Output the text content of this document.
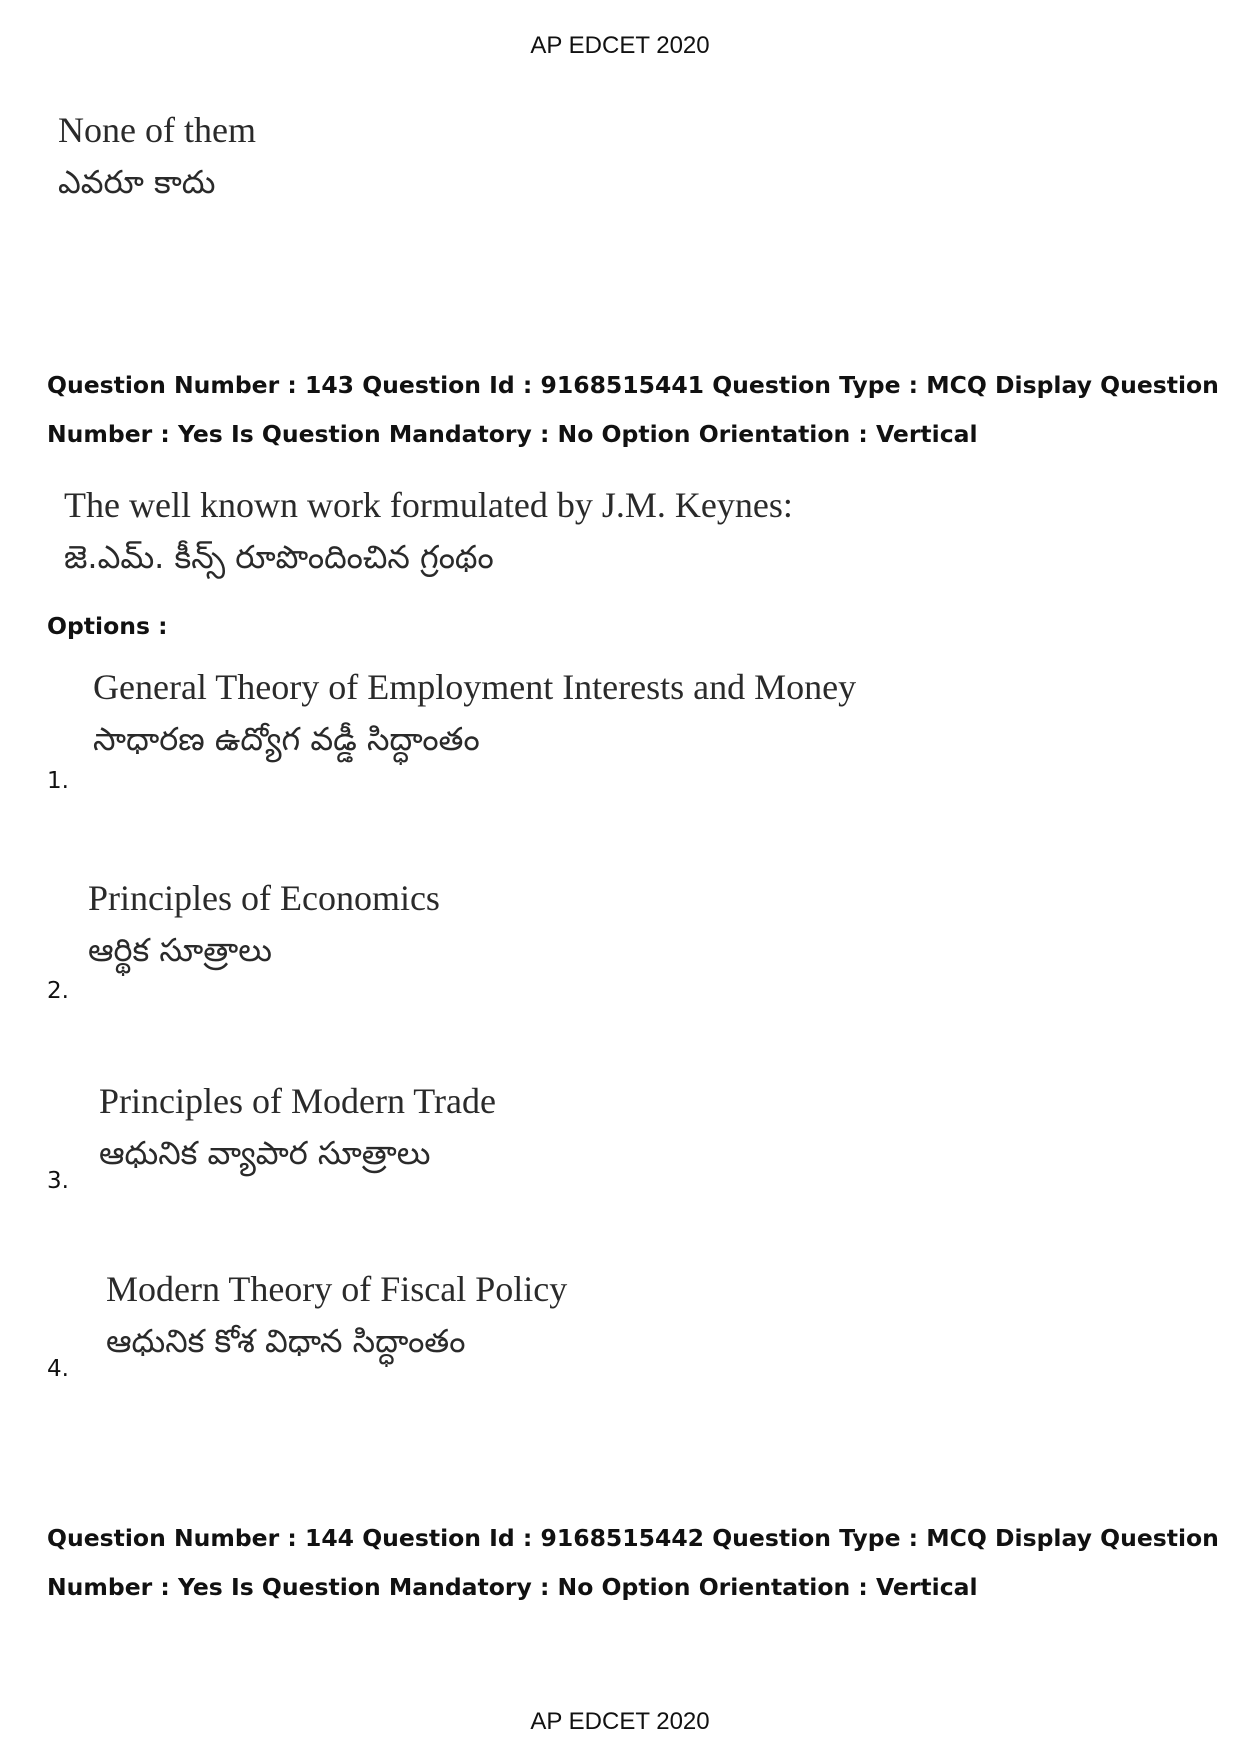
AP EDCET 2020
None of them
ఎవరూ కాదు
Question Number : 143 Question Id : 9168515441 Question Type : MCQ Display Question
Number : Yes Is Question Mandatory : No Option Orientation : Vertical
The well known work formulated by J.M. Keynes:
జె.ఎమ్. కీన్స్ రూపొందించిన గ్రంథం
Options :
General Theory of Employment Interests and Money
సాధారణ ఉద్యోగ వడ్డీ సిద్ధాంతం
1.
Principles of Economics
ఆర్థిక సూత్రాలు
2.
Principles of Modern Trade
ఆధునిక వ్యాపార సూత్రాలు
3.
Modern Theory of Fiscal Policy
ఆధునిక కోశ విధాన సిద్ధాంతం
4.
Question Number : 144 Question Id : 9168515442 Question Type : MCQ Display Question
Number : Yes Is Question Mandatory : No Option Orientation : Vertical
AP EDCET 2020
